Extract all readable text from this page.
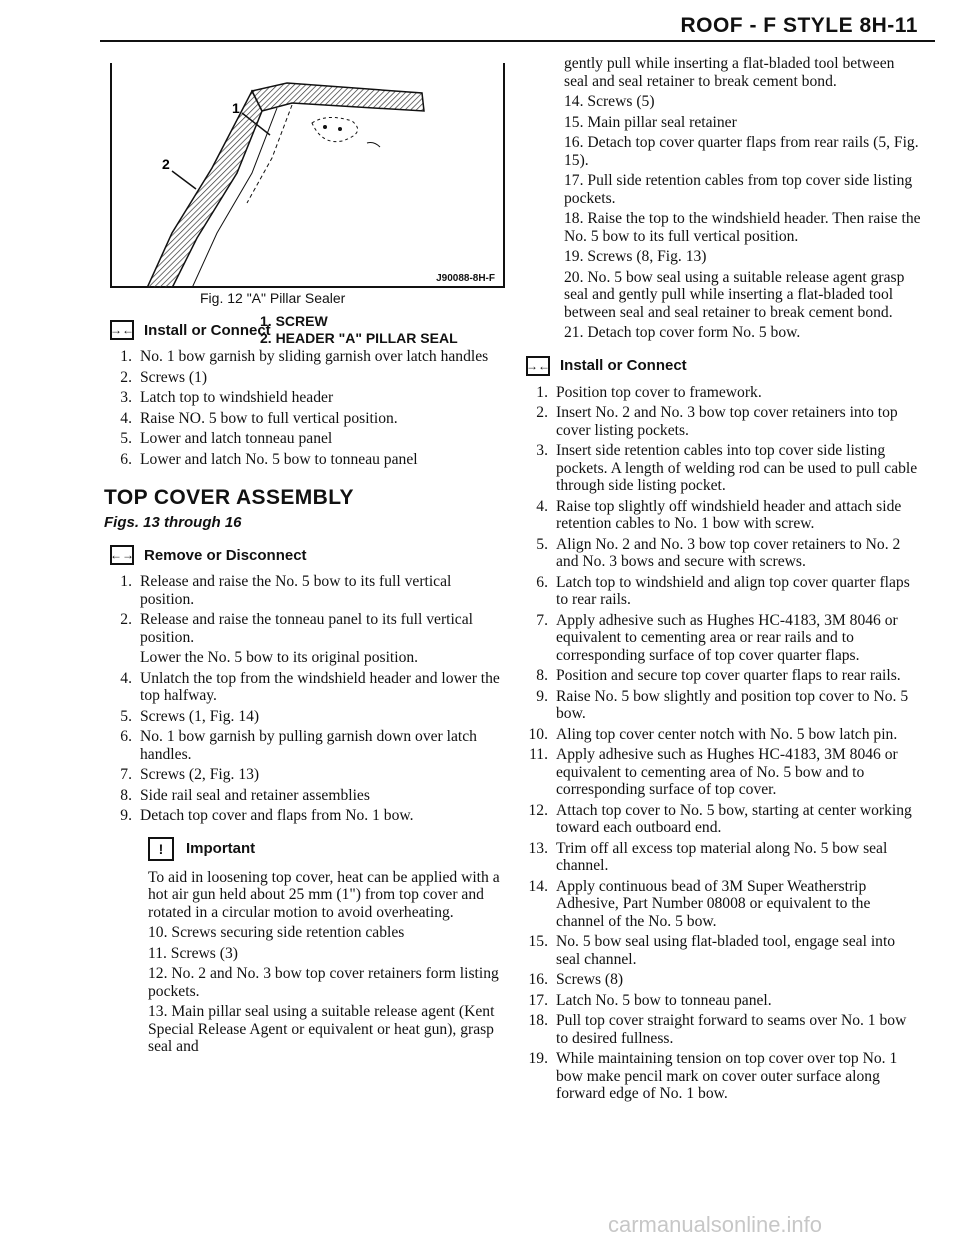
ROOF - F STYLE 8H-11
1
2
J90088-8H-F
1. SCREW
2. HEADER "A" PILLAR SEAL
Fig. 12 "A" Pillar Sealer
→← Install or Connect
1. No. 1 bow garnish by sliding garnish over latch handles
2. Screws (1)
3. Latch top to windshield header
4. Raise NO. 5 bow to full vertical position.
5. Lower and latch tonneau panel
6. Lower and latch No. 5 bow to tonneau panel
TOP COVER ASSEMBLY
Figs. 13 through 16
←→ Remove or Disconnect
1. Release and raise the No. 5 bow to its full vertical position.
2. Release and raise the tonneau panel to its full vertical position.
Lower the No. 5 bow to its original position.
4. Unlatch the top from the windshield header and lower the top halfway.
5. Screws (1, Fig. 14)
6. No. 1 bow garnish by pulling garnish down over latch handles.
7. Screws (2, Fig. 13)
8. Side rail seal and retainer assemblies
9. Detach top cover and flaps from No. 1 bow.
!	Important
To aid in loosening top cover, heat can be applied with a hot air gun held about 25 mm (1") from top cover and rotated in a circular motion to avoid overheating.
10. Screws securing side retention cables
11. Screws (3)
12. No. 2 and No. 3 bow top cover retainers form listing pockets.
13. Main pillar seal using a suitable release agent (Kent Special Release Agent or equivalent or heat gun), grasp seal and
gently pull while inserting a flat-bladed tool between seal and seal retainer to break cement bond.
14. Screws (5)
15. Main pillar seal retainer
16. Detach top cover quarter flaps from rear rails (5, Fig. 15).
17. Pull side retention cables from top cover side listing pockets.
18. Raise the top to the windshield header. Then raise the No. 5 bow to its full vertical position.
19. Screws (8, Fig. 13)
20. No. 5 bow seal using a suitable release agent grasp seal and gently pull while inserting a flat-bladed tool between seal and seal retainer to break cement bond.
21. Detach top cover form No. 5 bow.
→← Install or Connect
1. Position top cover to framework.
2. Insert No. 2 and No. 3 bow top cover retainers into top cover listing pockets.
3. Insert side retention cables into top cover side listing pockets. A length of welding rod can be used to pull cable through side listing pocket.
4. Raise top slightly off windshield header and attach side retention cables to No. 1 bow with screw.
5. Align No. 2 and No. 3 bow top cover retainers to No. 2 and No. 3 bows and secure with screws.
6. Latch top to windshield and align top cover quarter flaps to rear rails.
7. Apply adhesive such as Hughes HC-4183, 3M 8046 or equivalent to cementing area or rear rails and to corresponding surface of top cover quarter flaps.
8. Position and secure top cover quarter flaps to rear rails.
9. Raise No. 5 bow slightly and position top cover to No. 5 bow.
10. Aling top cover center notch with No. 5 bow latch pin.
11. Apply adhesive such as Hughes HC-4183, 3M 8046 or equivalent to cementing area of No. 5 bow and to corresponding surface of top cover.
12. Attach top cover to No. 5 bow, starting at center working toward each outboard end.
13. Trim off all excess top material along No. 5 bow seal channel.
14. Apply continuous bead of 3M Super Weatherstrip Adhesive, Part Number 08008 or equivalent to the channel of the No. 5 bow.
15. No. 5 bow seal using flat-bladed tool, engage seal into seal channel.
16. Screws (8)
17. Latch No. 5 bow to tonneau panel.
18. Pull top cover straight forward to seams over No. 1 bow to desired fullness.
19. While maintaining tension on top cover over top No. 1 bow make pencil mark on cover outer surface along forward edge of No. 1 bow.
carmanualsonline.info
